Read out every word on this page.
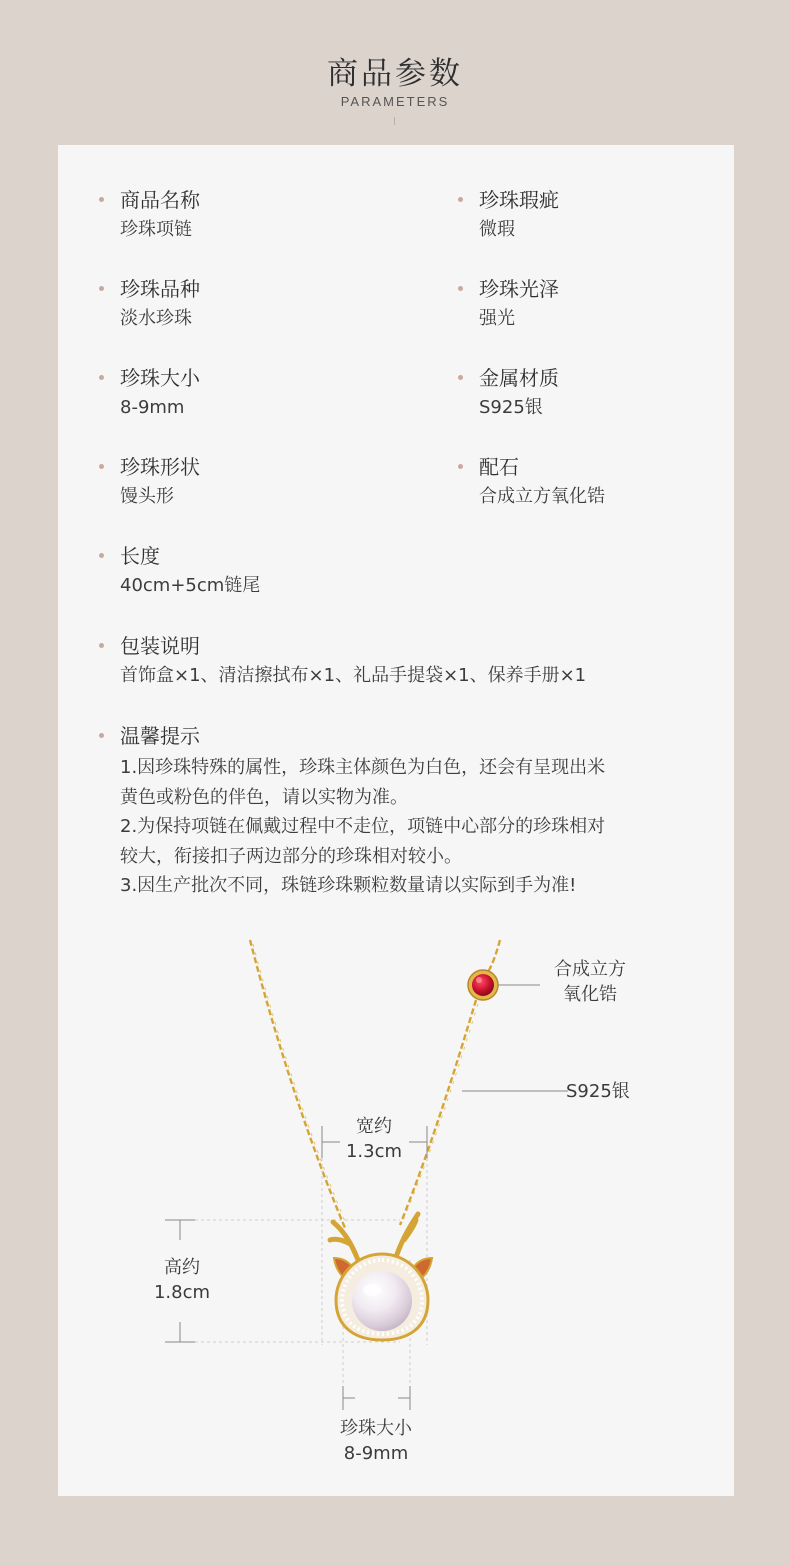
商品参数
PARAMETERS
商品名称
珍珠项链
珍珠瑕疵
微瑕
珍珠品种
淡水珍珠
珍珠光泽
强光
珍珠大小
8-9mm
金属材质
S925银
珍珠形状
馒头形
配石
合成立方氧化锆
长度
40cm+5cm链尾
包装说明
首饰盒×1、清洁擦拭布×1、礼品手提袋×1、保养手册×1
温馨提示
1.因珍珠特殊的属性，珍珠主体颜色为白色，还会有呈现出米
黄色或粉色的伴色，请以实物为准。
2.为保持项链在佩戴过程中不走位，项链中心部分的珍珠相对
较大，衔接扣子两边部分的珍珠相对较小。
3.因生产批次不同，珠链珍珠颗粒数量请以实际到手为准!
合成立方
氧化锆
S925银
宽约
1.3cm
高约
1.8cm
珍珠大小
8-9mm
